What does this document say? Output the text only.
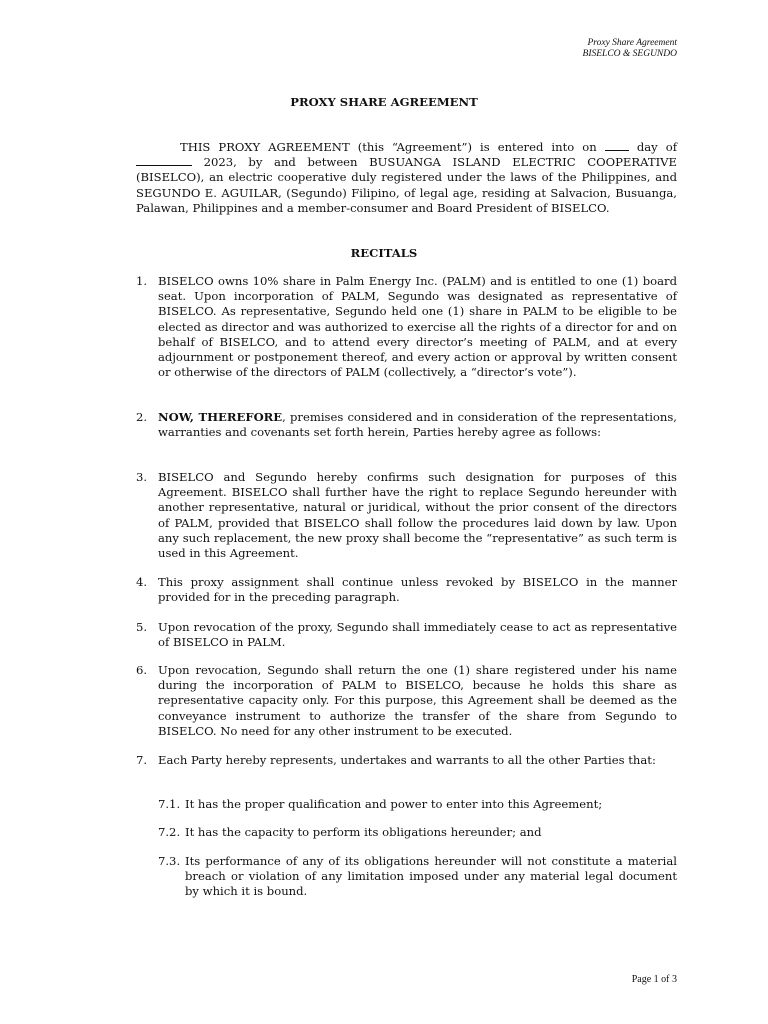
Proxy Share Agreement
BISELCO & SEGUNDO
PROXY SHARE AGREEMENT
THIS PROXY AGREEMENT (this “Agreement”) is entered into on	day of  2023, by and between BUSUANGA ISLAND ELECTRIC COOPERATIVE (BISELCO), an electric cooperative duly registered under the laws of the Philippines, and SEGUNDO E. AGUILAR, (Segundo) Filipino, of legal age, residing at Salvacion, Busuanga, Palawan, Philippines and a member-consumer and Board President of BISELCO.
RECITALS
1. BISELCO owns 10% share in Palm Energy Inc. (PALM) and is entitled to one (1) board seat. Upon incorporation of PALM, Segundo was designated as representative of BISELCO. As representative, Segundo held one (1) share in PALM to be eligible to be elected as director and was authorized to exercise all the rights of a director for and on behalf of BISELCO, and to attend every director’s meeting of PALM, and at every adjournment or postponement thereof, and every action or approval by written consent or otherwise of the directors of PALM (collectively, a “director’s vote”).
2. NOW, THEREFORE, premises considered and in consideration of the representations, warranties and covenants set forth herein, Parties hereby agree as follows:
3. BISELCO and Segundo hereby confirms such designation for purposes of this Agreement. BISELCO shall further have the right to replace Segundo hereunder with another representative, natural or juridical, without the prior consent of the directors of PALM, provided that BISELCO shall follow the procedures laid down by law. Upon any such replacement, the new proxy shall become the “representative” as such term is used in this Agreement.
4. This proxy assignment shall continue unless revoked by BISELCO in the manner provided for in the preceding paragraph.
5. Upon revocation of the proxy, Segundo shall immediately cease to act as representative of BISELCO in PALM.
6. Upon revocation, Segundo shall return the one (1) share registered under his name during the incorporation of PALM to BISELCO, because he holds this share as representative capacity only. For this purpose, this Agreement shall be deemed as the conveyance instrument to authorize the transfer of the share from Segundo to BISELCO. No need for any other instrument to be executed.
7. Each Party hereby represents, undertakes and warrants to all the other Parties that:
7.1. It has the proper qualification and power to enter into this Agreement;
7.2. It has the capacity to perform its obligations hereunder; and
7.3. Its performance of any of its obligations hereunder will not constitute a material breach or violation of any limitation imposed under any material legal document by which it is bound.
Page 1 of 3
